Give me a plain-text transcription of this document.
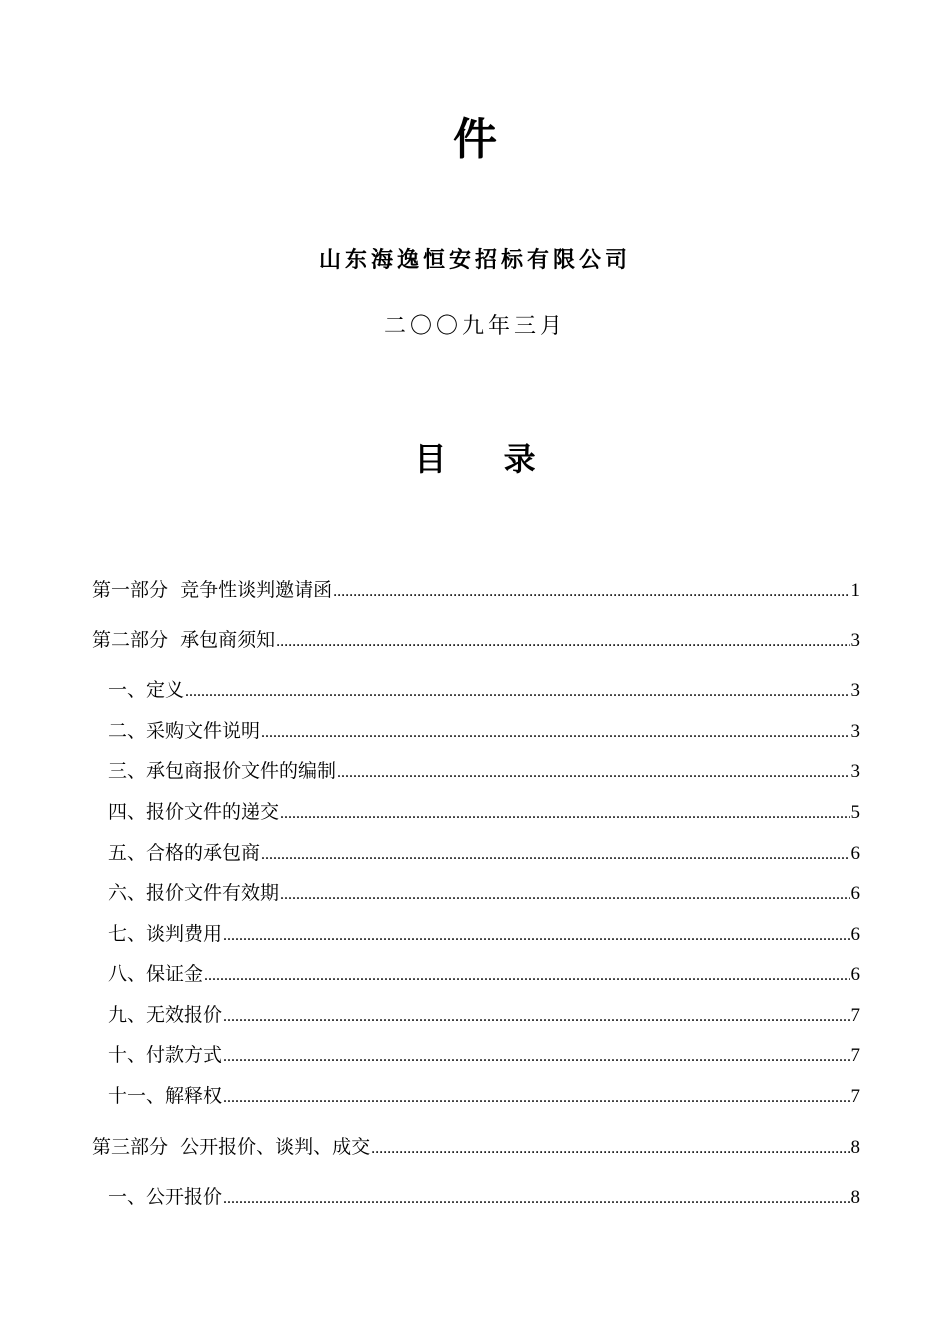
件
山东海逸恒安招标有限公司
二〇〇九年三月
目 录
第一部分  竞争性谈判邀请函 .....	1
第二部分  承包商须知 .....	3
一、定义 .....	3
二、采购文件说明 .....	3
三、承包商报价文件的编制 .....	3
四、报价文件的递交 .....	5
五、合格的承包商 .....	6
六、报价文件有效期 .....	6
七、谈判费用 .....	6
八、保证金 .....	6
九、无效报价 .....	7
十、付款方式 .....	7
十一、解释权 .....	7
第三部分  公开报价、谈判、成交 .....	8
一、公开报价 .....	8
